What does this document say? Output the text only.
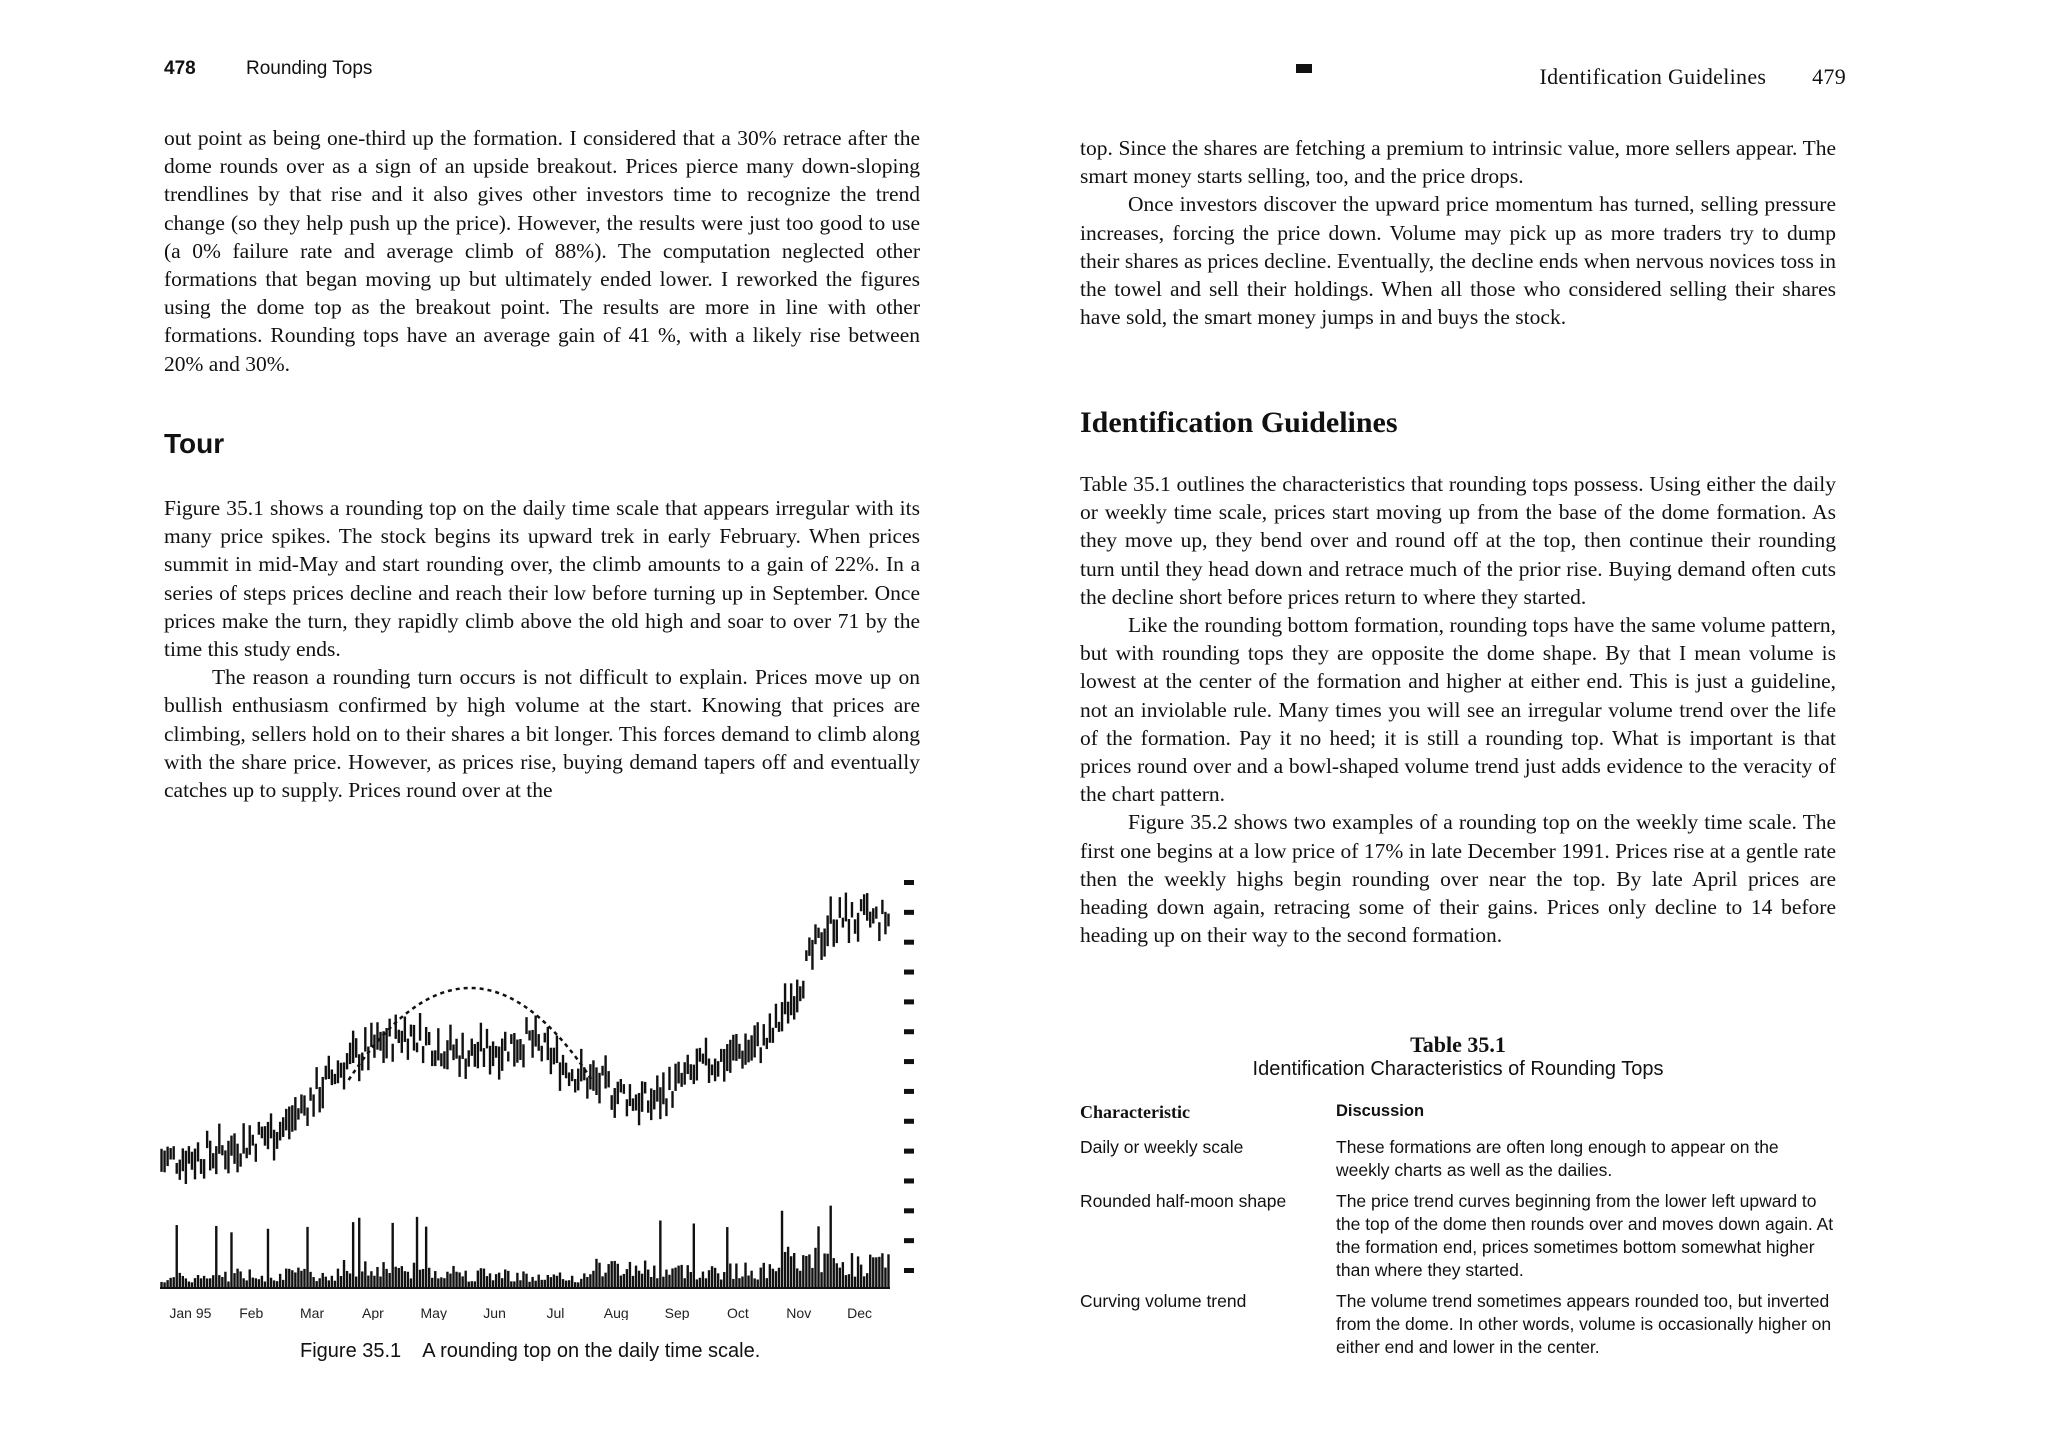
478	Rounding Tops	Identification Guidelines 479

out point as being one-third up the formation. I considered that a 30% retrace after the dome rounds over as a sign of an upside breakout. Prices pierce many down-sloping trendlines by that rise and it also gives other investors time to recognize the trend change (so they help push up the price). However, the results were just too good to use (a 0% failure rate and average climb of 88%). The computation neglected other formations that began moving up but ultimately ended lower. I reworked the figures using the dome top as the breakout point. The results are more in line with other formations. Rounding tops have an average gain of 41 %, with a likely rise between 20% and 30%.

Tour

Figure 35.1 shows a rounding top on the daily time scale that appears irregular with its many price spikes. The stock begins its upward trek in early February. When prices summit in mid-May and start rounding over, the climb amounts to a gain of 22%. In a series of steps prices decline and reach their low before turning up in September. Once prices make the turn, they rapidly climb above the old high and soar to over 71 by the time this study ends.

The reason a rounding turn occurs is not difficult to explain. Prices move up on bullish enthusiasm confirmed by high volume at the start. Knowing that prices are climbing, sellers hold on to their shares a bit longer. This forces demand to climb along with the share price. However, as prices rise, buying demand tapers off and eventually catches up to supply. Prices round over at the

Jan 95 Feb	Mar	Apr	May	Jun	Jul	Aug	Sep	Oct	Nov	Dec
Figure 35.1    A rounding top on the daily time scale.

top. Since the shares are fetching a premium to intrinsic value, more sellers appear. The smart money starts selling, too, and the price drops.

Once investors discover the upward price momentum has turned, selling pressure increases, forcing the price down. Volume may pick up as more traders try to dump their shares as prices decline. Eventually, the decline ends when nervous novices toss in the towel and sell their holdings. When all those who considered selling their shares have sold, the smart money jumps in and buys the stock.

Identification Guidelines

Table 35.1 outlines the characteristics that rounding tops possess. Using either the daily or weekly time scale, prices start moving up from the base of the dome formation. As they move up, they bend over and round off at the top, then continue their rounding turn until they head down and retrace much of the prior rise. Buying demand often cuts the decline short before prices return to where they started.

Like the rounding bottom formation, rounding tops have the same volume pattern, but with rounding tops they are opposite the dome shape. By that I mean volume is lowest at the center of the formation and higher at either end. This is just a guideline, not an inviolable rule. Many times you will see an irregular volume trend over the life of the formation. Pay it no heed; it is still a rounding top. What is important is that prices round over and a bowl-shaped volume trend just adds evidence to the veracity of the chart pattern.

Figure 35.2 shows two examples of a rounding top on the weekly time scale. The first one begins at a low price of 17% in late December 1991. Prices rise at a gentle rate then the weekly highs begin rounding over near the top. By late April prices are heading down again, retracing some of their gains. Prices only decline to 14 before heading up on their way to the second formation.

Table 35.1
Identification Characteristics of Rounding Tops
Characteristic	Discussion
Daily or weekly scale	These formations are often long enough to appear on the weekly charts as well as the dailies.
Rounded half-moon shape	The price trend curves beginning from the lower left upward to the top of the dome then rounds over and moves down again. At the formation end, prices sometimes bottom somewhat higher than where they started.
Curving volume trend	The volume trend sometimes appears rounded too, but inverted from the dome. In other words, volume is occasionally higher on either end and lower in the center.
